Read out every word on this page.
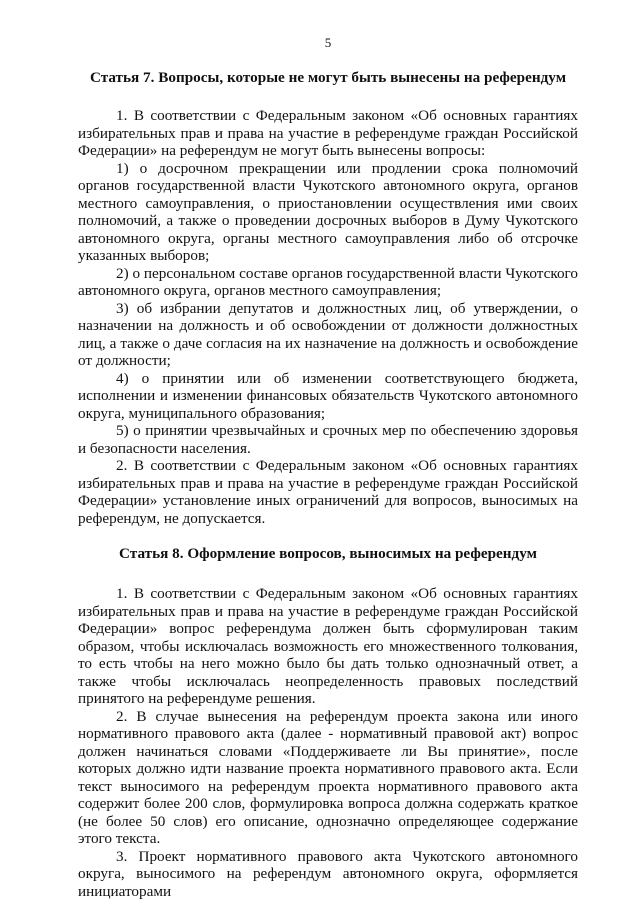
5
Статья 7. Вопросы, которые не могут быть вынесены на референдум

1. В соответствии с Федеральным законом «Об основных гарантиях избирательных прав и права на участие в референдуме граждан Российской Федерации» на референдум не могут быть вынесены вопросы:

1) о досрочном прекращении или продлении срока полномочий органов государственной власти Чукотского автономного округа, органов местного самоуправления, о приостановлении осуществления ими своих полномочий, а также о проведении досрочных выборов в Думу Чукотского автономного округа, органы местного самоуправления либо об отсрочке указанных выборов;

2) о персональном составе органов государственной власти Чукотского автономного округа, органов местного самоуправления;

3) об избрании депутатов и должностных лиц, об утверждении, о назначении на должность и об освобождении от должности должностных лиц, а также о даче согласия на их назначение на должность и освобождение от должности;

4) о принятии или об изменении соответствующего бюджета, исполнении и изменении финансовых обязательств Чукотского автономного округа, муниципального образования;

5) о принятии чрезвычайных и срочных мер по обеспечению здоровья и безопасности населения.

2. В соответствии с Федеральным законом «Об основных гарантиях избирательных прав и права на участие в референдуме граждан Российской Федерации» установление иных ограничений для вопросов, выносимых на референдум, не допускается.

Статья 8. Оформление вопросов, выносимых на референдум

1. В соответствии с Федеральным законом «Об основных гарантиях избирательных прав и права на участие в референдуме граждан Российской Федерации» вопрос референдума должен быть сформулирован таким образом, чтобы исключалась возможность его множественного толкования, то есть чтобы на него можно было бы дать только однозначный ответ, а также чтобы исключалась неопределенность правовых последствий принятого на референдуме решения.

2. В случае вынесения на референдум проекта закона или иного нормативного правового акта (далее - нормативный правовой акт) вопрос должен начинаться словами «Поддерживаете ли Вы принятие», после которых должно идти название проекта нормативного правового акта. Если текст выносимого на референдум проекта нормативного правового акта содержит более 200 слов, формулировка вопроса должна содержать краткое (не более 50 слов) его описание, однозначно определяющее содержание этого текста.

3. Проект нормативного правового акта Чукотского автономного округа, выносимого на референдум автономного округа, оформляется инициаторами
